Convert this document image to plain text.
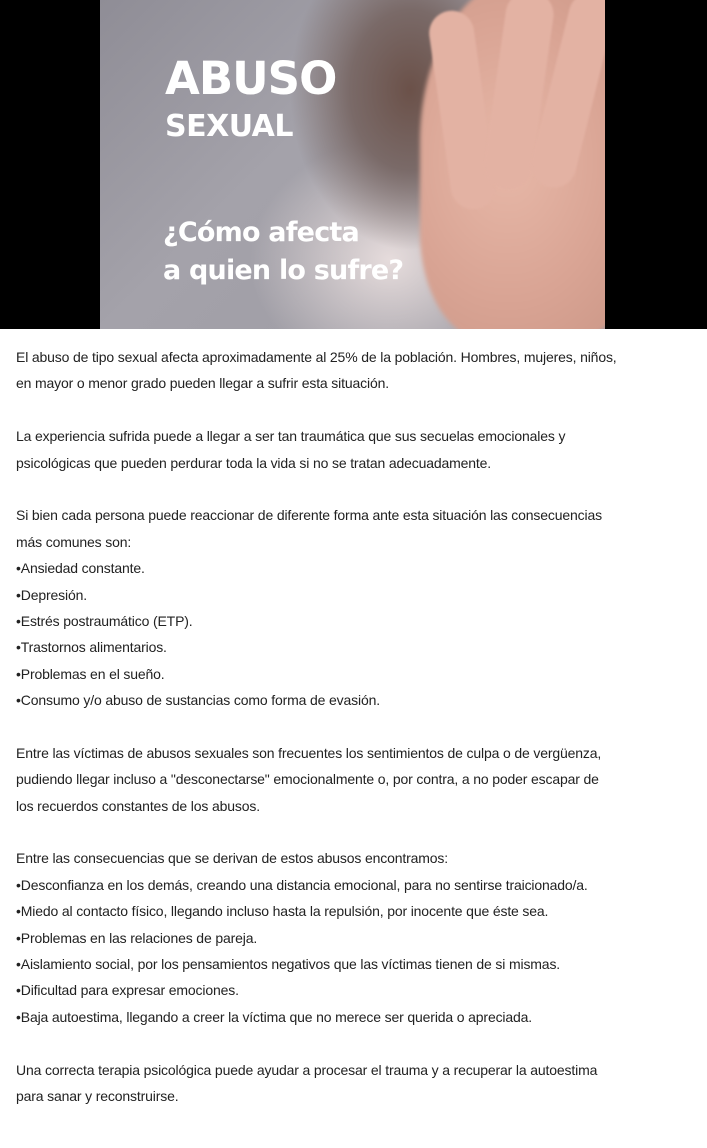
ABUSO
SEXUAL
¿Cómo afecta
a quien lo sufre?
El abuso de tipo sexual afecta aproximadamente al 25% de la población. Hombres, mujeres, niños,
en mayor o menor grado pueden llegar a sufrir esta situación.
La experiencia sufrida puede a llegar a ser tan traumática que sus secuelas emocionales y
psicológicas que pueden perdurar toda la vida si no se tratan adecuadamente.
Si bien cada persona puede reaccionar de diferente forma ante esta situación las consecuencias
más comunes son:
•Ansiedad constante.
•Depresión.
•Estrés postraumático (ETP).
•Trastornos alimentarios.
•Problemas en el sueño.
•Consumo y/o abuso de sustancias como forma de evasión.
Entre las víctimas de abusos sexuales son frecuentes los sentimientos de culpa o de vergüenza,
pudiendo llegar incluso a "desconectarse" emocionalmente o, por contra, a no poder escapar de
los recuerdos constantes de los abusos.
Entre las consecuencias que se derivan de estos abusos encontramos:
•Desconfianza en los demás, creando una distancia emocional, para no sentirse traicionado/a.
•Miedo al contacto físico, llegando incluso hasta la repulsión, por inocente que éste sea.
•Problemas en las relaciones de pareja.
•Aislamiento social, por los pensamientos negativos que las víctimas tienen de si mismas.
•Dificultad para expresar emociones.
•Baja autoestima, llegando a creer la víctima que no merece ser querida o apreciada.
Una correcta terapia psicológica puede ayudar a procesar el trauma y a recuperar la autoestima
para sanar y reconstruirse.
